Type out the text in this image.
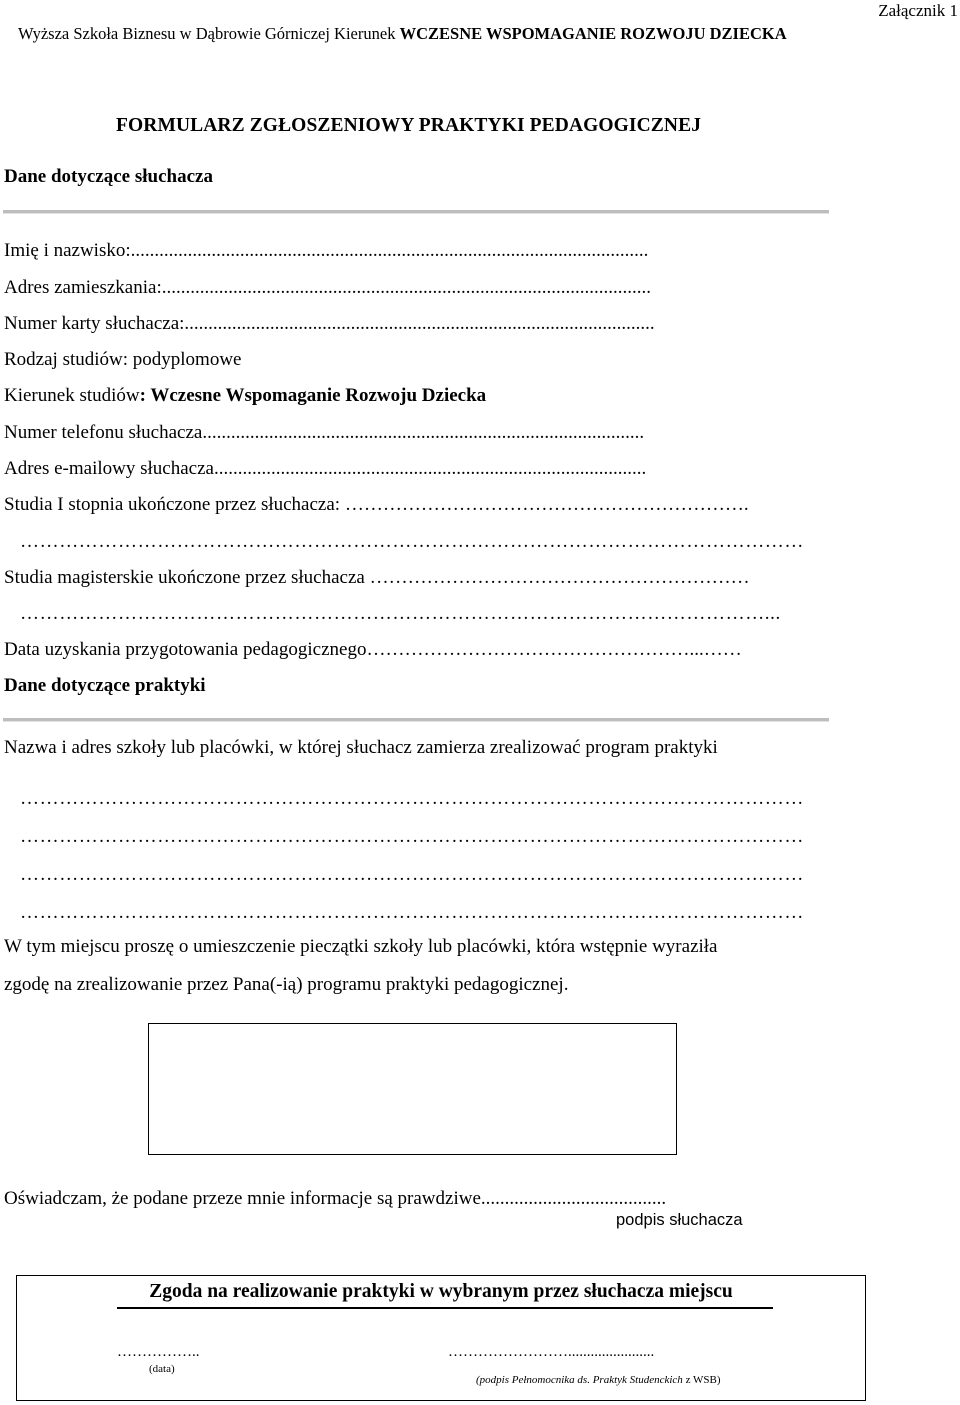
Wyższa Szkoła Biznesu w Dąbrowie Górniczej Kierunek WCZESNE WSPOMAGANIE ROZWOJU DZIECKA
Załącznik 1
FORMULARZ ZGŁOSZENIOWY PRAKTYKI PEDAGOGICZNEJ
Dane dotyczące słuchacza
Imię i nazwisko:.............................................................................................................
Adres zamieszkania:.......................................................................................................
Numer karty słuchacza:...................................................................................................
Rodzaj studiów: podyplomowe
Kierunek studiów: Wczesne Wspomaganie Rozwoju Dziecka
Numer telefonu słuchacza.............................................................................................
Adres e-mailowy słuchacza...........................................................................................
Studia I stopnia ukończone przez słuchacza: ……………………………………………………….
…………………………………………………………………………………………………………
Studia magisterskie ukończone przez słuchacza ……………………………………………………
……………………………………………………………………………………………………...
Data uzyskania przygotowania pedagogicznego……………………………………………...……
Dane dotyczące praktyki
Nazwa i adres szkoły lub placówki, w której słuchacz zamierza zrealizować program praktyki
…………………………………………………………………………………………………………
…………………………………………………………………………………………………………
…………………………………………………………………………………………………………
…………………………………………………………………………………………………………
W tym miejscu proszę o umieszczenie pieczątki szkoły lub placówki, która wstępnie wyraziła
zgodę na zrealizowanie przez Pana(-ią) programu praktyki pedagogicznej.
Oświadczam, że podane przeze mnie informacje są prawdziwe.......................................
podpis słuchacza
Zgoda na realizowanie praktyki w wybranym przez słuchacza miejscu
……………..
(data)
…………………….......................
(podpis Pełnomocnika ds. Praktyk Studenckich z WSB)
